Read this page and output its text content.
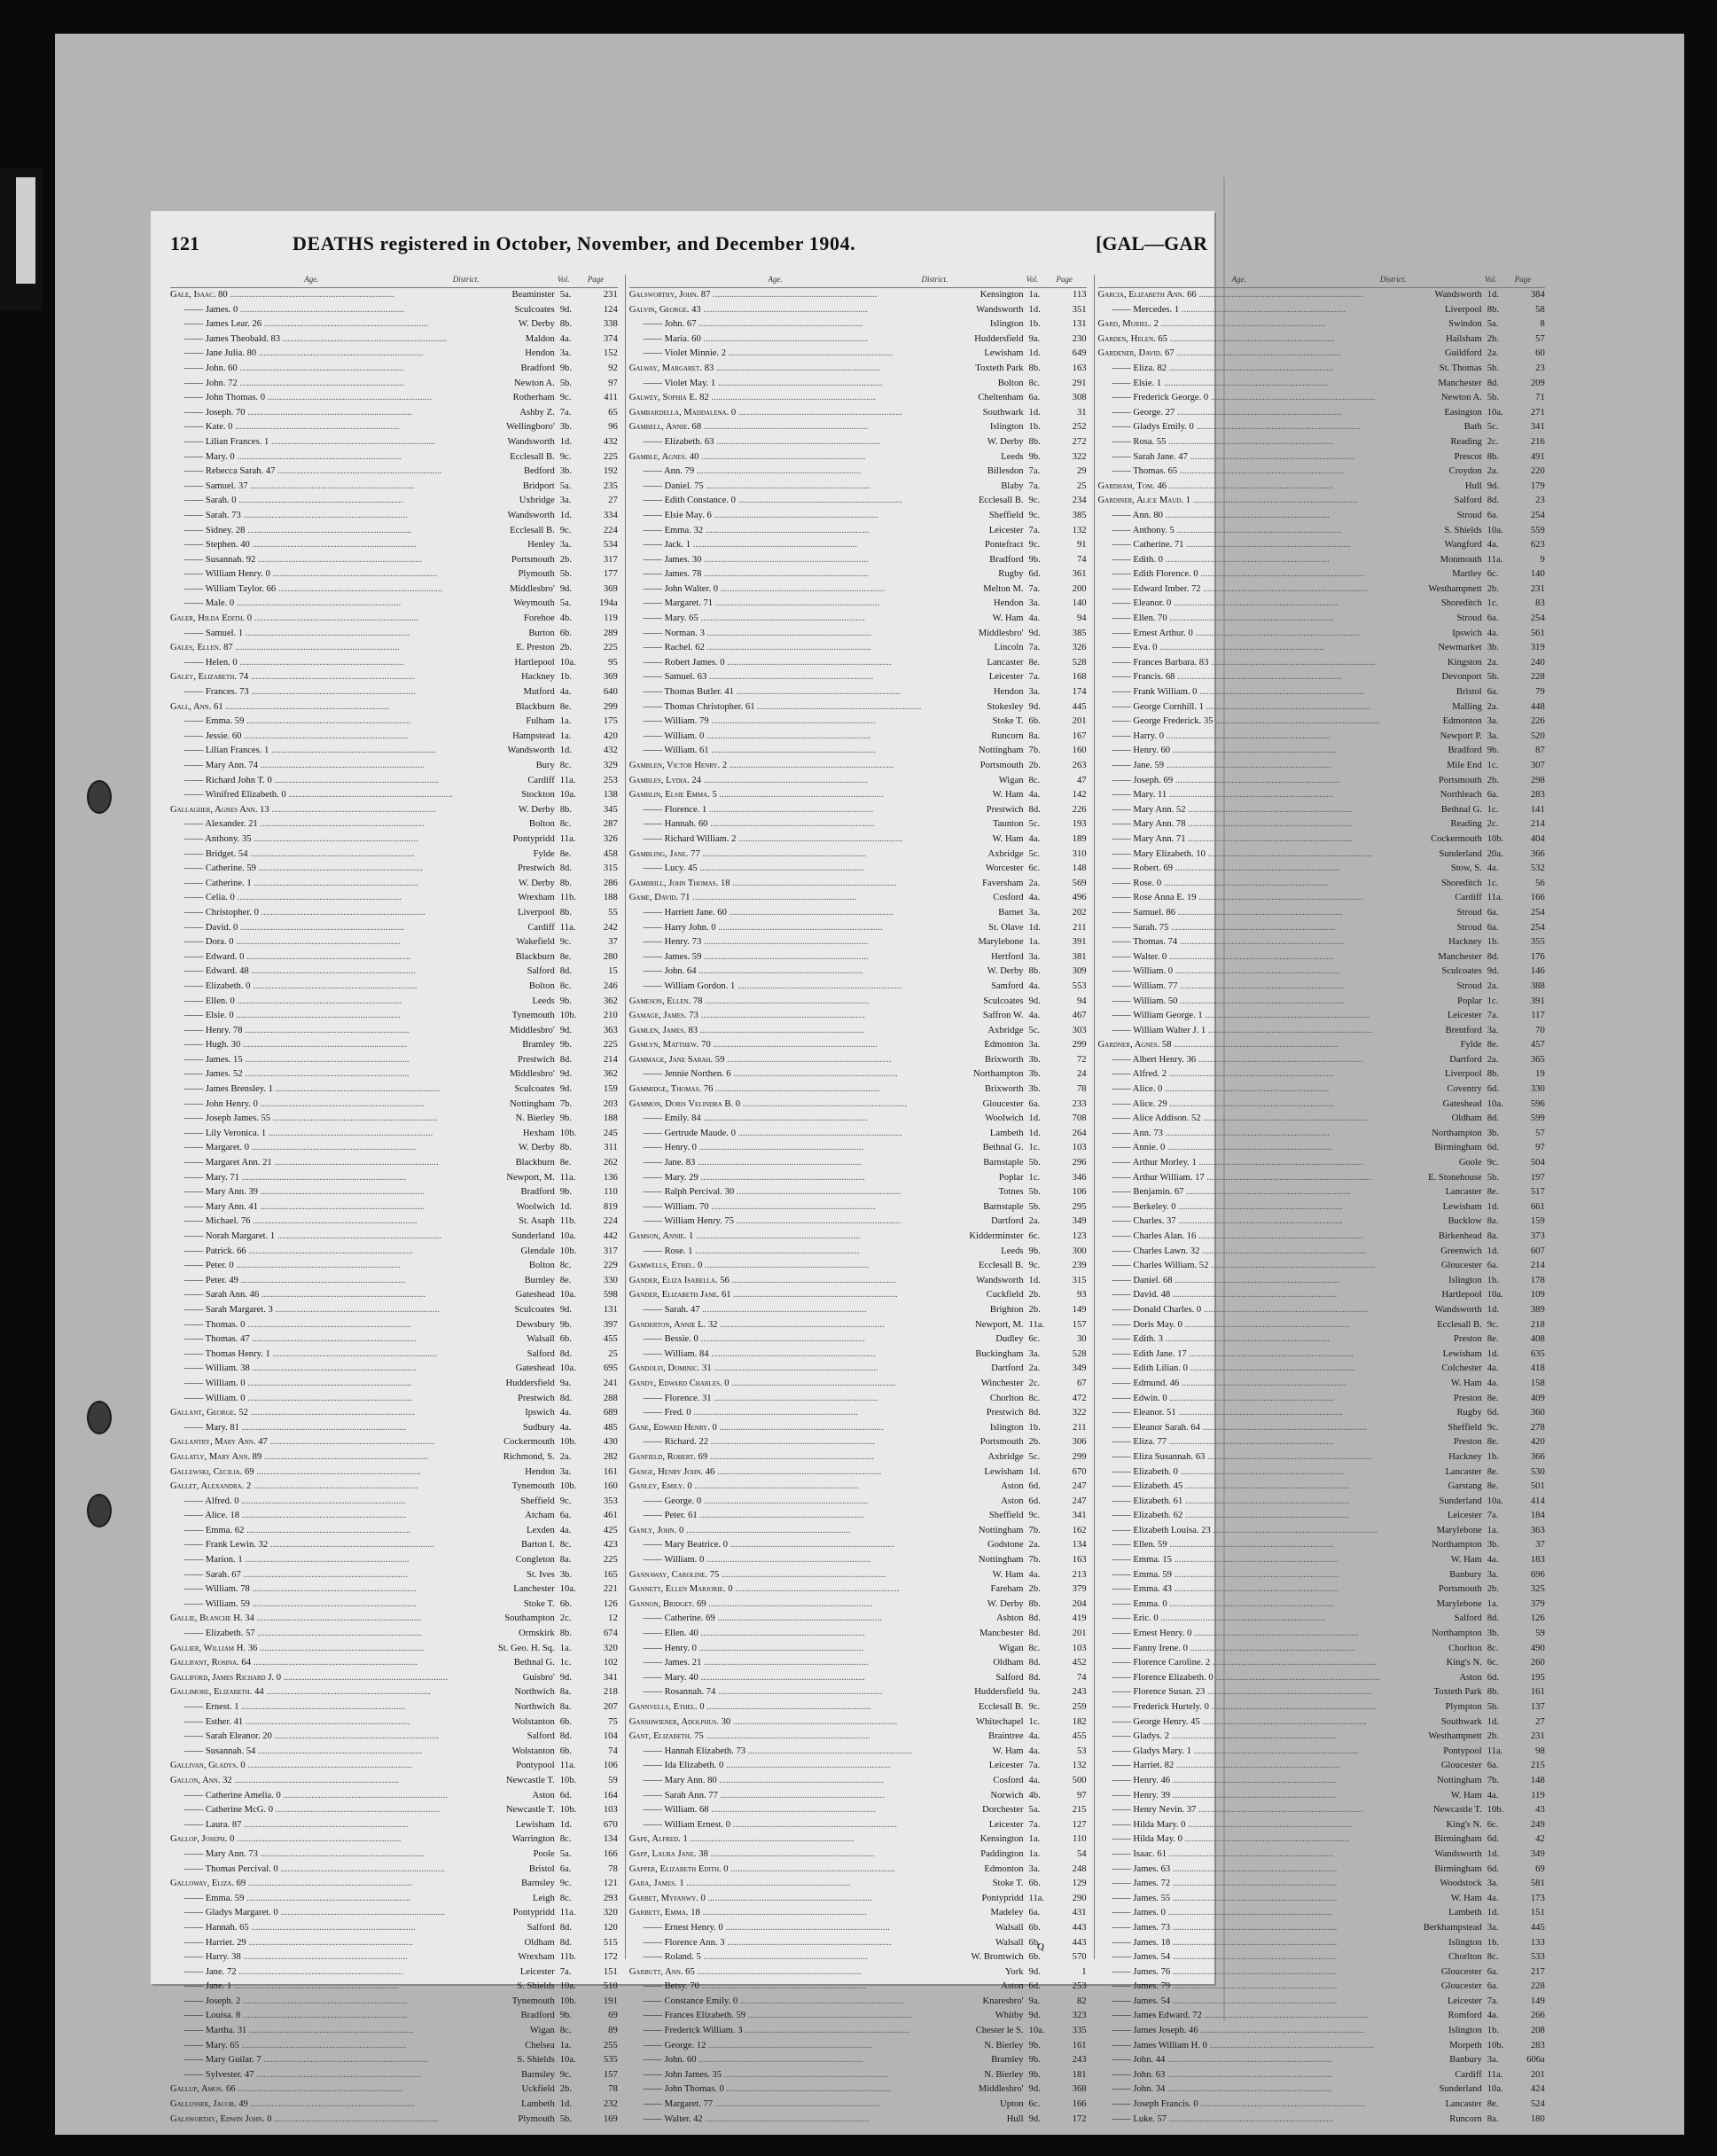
121	DEATHS registered in October, November, and December 1904.	[GAL—GAR
Age.	District.	Vol.	Page
Gale, Isaac. 80 .....	Beaminster 5a.	231
—— James. 0 .....	Sculcoates 9d.	124
—— James Lear. 26 .....	W. Derby 8b.	338
—— James Theobald. 83 .....	Maldon 4a.	374
—— Jane Julia. 80 .....	Hendon 3a.	152
—— John. 60 .....	Bradford 9b.	92
—— John. 72 .....	Newton A. 5b.	97
—— John Thomas. 0 .....	Rotherham 9c.	411
—— Joseph. 70 .....	Ashby Z. 7a.	65
—— Kate. 0 .....	Wellingboro' 3b.	96
—— Lilian Frances. 1 .....	Wandsworth 1d.	432
—— Mary. 0 .....	Ecclesall B. 9c.	225
—— Rebecca Sarah. 47 .....	Bedford 3b.	192
—— Samuel. 37 .....	Bridport 5a.	235
—— Sarah. 0 .....	Uxbridge 3a.	27
—— Sarah. 73 .....	Wandsworth 1d.	334
—— Sidney. 28 .....	Ecclesall B. 9c.	224
—— Stephen. 40 .....	Henley 3a.	534
—— Susannah. 92 .....	Portsmouth 2b.	317
—— William Henry. 0 .....	Plymouth 5b.	177
—— William Taylor. 66 .....	Middlesbro' 9d.	369
—— Male. 0 .....	Weymouth 5a.	194a
Galer, Hilda Edith. 0 .....	Forehoe 4b.	119
—— Samuel. 1 .....	Burton 6b.	289
Gales, Ellen. 87 .....	E. Preston 2b.	225
—— Helen. 0 .....	Hartlepool 10a.	95
Galey, Elizabeth. 74 .....	Hackney 1b.	369
—— Frances. 73 .....	Mutford 4a.	640
Gall, Ann. 61 .....	Blackburn 8e.	299
—— Emma. 59 .....	Fulham 1a.	175
—— Jessie. 60 .....	Hampstead 1a.	420
—— Lilian Frances. 1 .....	Wandsworth 1d.	432
—— Mary Ann. 74 .....	Bury 8c.	329
—— Richard John T. 0 .....	Cardiff 11a.	253
—— Winifred Elizabeth. 0 .....	Stockton 10a.	138
Gallagher, Agnes Ann. 13 .....	W. Derby 8b.	345
—— Alexander. 21 .....	Bolton 8c.	287
—— Anthony. 35 .....	Pontypridd 11a.	326
—— Bridget. 54 .....	Fylde 8e.	458
—— Catherine. 59 .....	Prestwich 8d.	315
—— Catherine. 1 .....	W. Derby 8b.	286
—— Celia. 0 .....	Wrexham 11b.	188
—— Christopher. 0 .....	Liverpool 8b.	55
—— David. 0 .....	Cardiff 11a.	242
—— Dora. 0 .....	Wakefield 9c.	37
—— Edward. 0 .....	Blackburn 8e.	280
—— Edward. 48 .....	Salford 8d.	15
—— Elizabeth. 0 .....	Bolton 8c.	246
—— Ellen. 0 .....	Leeds 9b.	362
—— Elsie. 0 .....	Tynemouth 10b.	210
—— Henry. 78 .....	Middlesbro' 9d.	363
—— Hugh. 30 .....	Bramley 9b.	225
—— James. 15 .....	Prestwich 8d.	214
—— James. 52 .....	Middlesbro' 9d.	362
—— James Brensley. 1 .....	Sculcoates 9d.	159
—— John Henry. 0 .....	Nottingham 7b.	203
—— Joseph James. 55 .....	N. Bierley 9b.	188
—— Lily Veronica. 1 .....	Hexham 10b.	245
—— Margaret. 0 .....	W. Derby 8b.	311
—— Margaret Ann. 21 .....	Blackburn 8e.	262
—— Mary. 71 .....	Newport, M. 11a.	136
—— Mary Ann. 39 .....	Bradford 9b.	110
—— Mary Ann. 41 .....	Woolwich 1d.	819
—— Michael. 76 .....	St. Asaph 11b.	224
—— Norah Margaret. 1 .....	Sunderland 10a.	442
—— Patrick. 66 .....	Glendale 10b.	317
—— Peter. 0 .....	Bolton 8c.	229
—— Peter. 49 .....	Burnley 8e.	330
—— Sarah Ann. 46 .....	Gateshead 10a.	598
—— Sarah Margaret. 3 .....	Sculcoates 9d.	131
—— Thomas. 0 .....	Dewsbury 9b.	397
—— Thomas. 47 .....	Walsall 6b.	455
—— Thomas Henry. 1 .....	Salford 8d.	25
—— William. 38 .....	Gateshead 10a.	695
—— William. 0 .....	Huddersfield 9a.	241
—— William. 0 .....	Prestwich 8d.	288
Gallant, George. 52 .....	Ipswich 4a.	689
—— Mary. 81 .....	Sudbury 4a.	485
Gallantry, Mary Ann. 47 .....	Cockermouth 10b.	430
Gallatly, Mary Ann. 89 .....	Richmond, S. 2a.	282
Gallewski, Cecilia. 69 .....	Hendon 3a.	161
Gallet, Alexandra. 2 .....	Tynemouth 10b.	160
—— Alfred. 0 .....	Sheffield 9c.	353
—— Alice. 18 .....	Atcham 6a.	461
—— Emma. 62 .....	Lexden 4a.	425
—— Frank Lewin. 32 .....	Barton I. 8c.	423
—— Marion. 1 .....	Congleton 8a.	225
—— Sarah. 67 .....	St. Ives 3b.	165
—— William. 78 .....	Lanchester 10a.	221
—— William. 59 .....	Stoke T. 6b.	126
Gallie, Blanche H. 34 .....	Southampton 2c.	12
—— Elizabeth. 57 .....	Ormskirk 8b.	674
Gallier, William H. 36 .....	St. Geo. H. Sq. 1a.	320
Gallifant, Rosina. 64 .....	Bethnal G. 1c.	102
Galliford, James Richard J. 0 .....	Guisbro' 9d.	341
Gallimore, Elizabeth. 44 .....	Northwich 8a.	218
—— Ernest. 1 .....	Northwich 8a.	207
—— Esther. 41 .....	Wolstanton 6b.	75
—— Sarah Eleanor. 20 .....	Salford 8d.	104
—— Susannah. 54 .....	Wolstanton 6b.	74
Gallivan, Gladys. 0 .....	Pontypool 11a.	106
Gallon, Ann. 32 .....	Newcastle T. 10b.	59
—— Catherine Amelia. 0 .....	Aston 6d.	164
—— Catherine McG. 0 .....	Newcastle T. 10b.	103
—— Laura. 87 .....	Lewisham 1d.	670
Gallop, Joseph. 0 .....	Warrington 8c.	134
—— Mary Ann. 73 .....	Poole 5a.	166
—— Thomas Percival. 0 .....	Bristol 6a.	78
Galloway, Eliza. 69 .....	Barnsley 9c.	121
—— Emma. 59 .....	Leigh 8c.	293
—— Gladys Margaret. 0 .....	Pontypridd 11a.	320
—— Hannah. 65 .....	Salford 8d.	120
—— Harriet. 29 .....	Oldham 8d.	515
—— Harry. 38 .....	Wrexham 11b.	172
—— Jane. 72 .....	Leicester 7a.	151
—— Jane. 1 .....	S. Shields 10a.	510
—— Joseph. 2 .....	Tynemouth 10b.	191
—— Louisa. 8 .....	Bradford 9b.	69
—— Martha. 31 .....	Wigan 8c.	89
—— Mary. 65 .....	Chelsea 1a.	255
—— Mary Guilar. 7 .....	S. Shields 10a.	535
—— Sylvester. 47 .....	Barnsley 9c.	157
Gallup, Amos. 66 .....	Uckfield 2b.	78
Gallusser, Jacob. 49 .....	Lambeth 1d.	232
Galsworthy, Edwin John. 0 .....	Plymouth 5b.	169
Age.	District.	Vol.	Page
Galsworthy, John. 87 .....	Kensington 1a.	113
Galvin, George. 43 .....	Wandsworth 1d.	351
—— John. 67 .....	Islington 1b.	131
—— Maria. 60 .....	Huddersfield 9a.	230
—— Violet Minnie. 2 .....	Lewisham 1d.	649
Galway, Margaret. 83 .....	Toxteth Park 8b.	163
—— Violet May. 1 .....	Bolton 8c.	291
Galwey, Sophia E. 82 .....	Cheltenham 6a.	308
Gambardella, Maddalena. 0 .....	Southwark 1d.	31
Gambell, Annie. 68 .....	Islington 1b.	252
—— Elizabeth. 63 .....	W. Derby 8b.	272
Gamble, Agnes. 40 .....	Leeds 9b.	322
—— Ann. 79 .....	Billesdon 7a.	29
—— Daniel. 75 .....	Blaby 7a.	25
—— Edith Constance. 0 .....	Ecclesall B. 9c.	234
—— Elsie May. 6 .....	Sheffield 9c.	385
—— Emma. 32 .....	Leicester 7a.	132
—— Jack. 1 .....	Pontefract 9c.	91
—— James. 30 .....	Bradford 9b.	74
—— James. 78 .....	Rugby 6d.	361
—— John Walter. 0 .....	Melton M. 7a.	200
—— Margaret. 71 .....	Hendon 3a.	140
—— Mary. 65 .....	W. Ham 4a.	94
—— Norman. 3 .....	Middlesbro' 9d.	385
—— Rachel. 62 .....	Lincoln 7a.	326
—— Robert James. 0 .....	Lancaster 8e.	528
—— Samuel. 63 .....	Leicester 7a.	168
—— Thomas Butler. 41 .....	Hendon 3a.	174
—— Thomas Christopher. 61 .....	Stokesley 9d.	445
—— William. 79 .....	Stoke T. 6b.	201
—— William. 0 .....	Runcorn 8a.	167
—— William. 61 .....	Nottingham 7b.	160
Gamblen, Victor Henry. 2 .....	Portsmouth 2b.	263
Gambles, Lydia. 24 .....	Wigan 8c.	47
Gamblin, Elsie Emma. 5 .....	W. Ham 4a.	142
—— Florence. 1 .....	Prestwich 8d.	226
—— Hannah. 60 .....	Taunton 5c.	193
—— Richard William. 2 .....	W. Ham 4a.	189
Gambling, Jane. 77 .....	Axbridge 5c.	310
—— Lucy. 45 .....	Worcester 6c.	148
Gambrill, John Thomas. 18 .....	Faversham 2a.	569
Game, David. 71 .....	Cosford 4a.	496
—— Harriett Jane. 60 .....	Barnet 3a.	202
—— Harry John. 0 .....	St. Olave 1d.	211
—— Henry. 73 .....	Marylebone 1a.	391
—— James. 59 .....	Hertford 3a.	381
—— John. 64 .....	W. Derby 8b.	309
—— William Gordon. 1 .....	Samford 4a.	553
Gameson, Ellen. 78 .....	Sculcoates 9d.	94
Gamage, James. 73 .....	Saffron W. 4a.	467
Gamlen, James. 83 .....	Axbridge 5c.	303
Gamlyn, Matthew. 70 .....	Edmonton 3a.	299
Gammage, Jane Sarah. 59 .....	Brixworth 3b.	72
—— Jennie Northen. 6 .....	Northampton 3b.	24
Gammidge, Thomas. 76 .....	Brixworth 3b.	78
Gammon, Doris Velindra B. 0 .....	Gloucester 6a.	233
—— Emily. 84 .....	Woolwich 1d.	708
—— Gertrude Maude. 0 .....	Lambeth 1d.	264
—— Henry. 0 .....	Bethnal G. 1c.	103
—— Jane. 83 .....	Barnstaple 5b.	296
—— Mary. 29 .....	Poplar 1c.	346
—— Ralph Percival. 30 .....	Totnes 5b.	106
—— William. 70 .....	Barnstaple 5b.	295
—— William Henry. 75 .....	Dartford 2a.	349
Gamson, Annie. 1 .....	Kidderminster 6c.	123
—— Rose. 1 .....	Leeds 9b.	300
Gamwells, Ethel. 0 .....	Ecclesall B. 9c.	239
Gander, Eliza Isabella. 56 .....	Wandsworth 1d.	315
Gander, Elizabeth Jane. 61 .....	Cuckfield 2b.	93
—— Sarah. 47 .....	Brighton 2b.	149
Ganderton, Annie L. 32 .....	Newport, M. 11a.	157
—— Bessie. 0 .....	Dudley 6c.	30
—— William. 84 .....	Buckingham 3a.	528
Gandolfi, Dominic. 31 .....	Dartford 2a.	349
Gandy, Edward Charles. 0 .....	Winchester 2c.	67
—— Florence. 31 .....	Chorlton 8c.	472
—— Fred. 0 .....	Prestwich 8d.	322
Gane, Edward Henry. 0 .....	Islington 1b.	211
—— Richard. 22 .....	Portsmouth 2b.	306
Ganfield, Robert. 69 .....	Axbridge 5c.	299
Gange, Henry John. 46 .....	Lewisham 1d.	670
Ganley, Emily. 0 .....	Aston 6d.	247
—— George. 0 .....	Aston 6d.	247
—— Peter. 61 .....	Sheffield 9c.	341
Ganly, John. 0 .....	Nottingham 7b.	162
—— Mary Beatrice. 0 .....	Godstone 2a.	134
—— William. 0 .....	Nottingham 7b.	163
Gannaway, Caroline. 75 .....	W. Ham 4a.	213
Gannett, Ellen Marjorie. 0 .....	Fareham 2b.	379
Gannon, Bridget. 69 .....	W. Derby 8b.	204
—— Catherine. 69 .....	Ashton 8d.	419
—— Ellen. 40 .....	Manchester 8d.	201
—— Henry. 0 .....	Wigan 8c.	103
—— James. 21 .....	Oldham 8d.	452
—— Mary. 40 .....	Salford 8d.	74
—— Rosannah. 74 .....	Huddersfield 9a.	243
Gannvells, Ethel. 0 .....	Ecclesall B. 9c.	259
Ganshwiener, Adolphus. 30 .....	Whitechapel 1c.	182
Gant, Elizabeth. 75 .....	Braintree 4a.	455
—— Hannah Elizabeth. 73 .....	W. Ham 4a.	53
—— Ida Elizabeth. 0 .....	Leicester 7a.	132
—— Mary Ann. 80 .....	Cosford 4a.	500
—— Sarah Ann. 77 .....	Norwich 4b.	97
—— William. 68 .....	Dorchester 5a.	215
—— William Ernest. 0 .....	Leicester 7a.	127
Gape, Alfred. 1 .....	Kensington 1a.	110
Gapp, Laura Jane. 38 .....	Paddington 1a.	54
Gapper, Elizabeth Edith. 0 .....	Edmonton 3a.	248
Gara, James. 1 .....	Stoke T. 6b.	129
Garbet, Myfanwy. 0 .....	Pontypridd 11a.	290
Garbett, Emma. 18 .....	Madeley 6a.	431
—— Ernest Henry. 0 .....	Walsall 6b.	443
—— Florence Ann. 3 .....	Walsall 6b.	443
—— Roland. 5 .....	W. Bromwich 6b.	570
Garbutt, Ann. 65 .....	York 9d.	1
—— Betsy. 70 .....	Aston 6d.	253
—— Constance Emily. 0 .....	Knaresbro' 9a.	82
—— Frances Elizabeth. 59 .....	Whitby 9d.	323
—— Frederick William. 3 .....	Chester le S. 10a.	335
—— George. 12 .....	N. Bierley 9b.	161
—— John. 60 .....	Bramley 9b.	243
—— John James. 35 .....	N. Bierley 9b.	181
—— John Thomas. 0 .....	Middlesbro' 9d.	368
—— Margaret. 77 .....	Upton 6c.	166
—— Walter. 42 .....	Hull 9d.	172
Age.	District.	Vol.	Page
Garcia, Elizabeth Ann. 66 .....	Wandsworth 1d.	384
—— Mercedes. 1 .....	Liverpool 8b.	58
Gard, Muriel. 2 .....	Swindon 5a.	8
Garden, Helen. 65 .....	Hailsham 2b.	57
Gardener, David. 67 .....	Guildford 2a.	60
—— Eliza. 82 .....	St. Thomas 5b.	23
—— Elsie. 1 .....	Manchester 8d.	209
—— Frederick George. 0 .....	Newton A. 5b.	71
—— George. 27 .....	Easington 10a.	271
—— Gladys Emily. 0 .....	Bath 5c.	341
—— Rosa. 55 .....	Reading 2c.	216
—— Sarah Jane. 47 .....	Prescot 8b.	491
—— Thomas. 65 .....	Croydon 2a.	220
Gardham, Tom. 46 .....	Hull 9d.	179
Gardiner, Alice Maud. 1 .....	Salford 8d.	23
—— Ann. 80 .....	Stroud 6a.	254
—— Anthony. 5 .....	S. Shields 10a.	559
—— Catherine. 71 .....	Wangford 4a.	623
—— Edith. 0 .....	Monmouth 11a.	9
—— Edith Florence. 0 .....	Martley 6c.	140
—— Edward Imber. 72 .....	Westhampnett 2b.	231
—— Eleanor. 0 .....	Shoreditch 1c.	83
—— Ellen. 70 .....	Stroud 6a.	254
—— Ernest Arthur. 0 .....	Ipswich 4a.	561
—— Eva. 0 .....	Newmarket 3b.	319
—— Frances Barbara. 83 .....	Kingston 2a.	240
—— Francis. 68 .....	Devonport 5b.	228
—— Frank William. 0 .....	Bristol 6a.	79
—— George Cornhill. 1 .....	Malling 2a.	448
—— George Frederick. 35 .....	Edmonton 3a.	226
—— Harry. 0 .....	Newport P. 3a.	520
—— Henry. 60 .....	Bradford 9b.	87
—— Jane. 59 .....	Mile End 1c.	307
—— Joseph. 69 .....	Portsmouth 2b.	298
—— Mary. 11 .....	Northleach 6a.	283
—— Mary Ann. 52 .....	Bethnal G. 1c.	141
—— Mary Ann. 78 .....	Reading 2c.	214
—— Mary Ann. 71 .....	Cockermouth 10b.	404
—— Mary Elizabeth. 10 .....	Sunderland 20a.	366
—— Robert. 69 .....	Stow, S. 4a.	532
—— Rose. 0 .....	Shoreditch 1c.	56
—— Rose Anna E. 19 .....	Cardiff 11a.	166
—— Samuel. 86 .....	Stroud 6a.	254
—— Sarah. 75 .....	Stroud 6a.	254
—— Thomas. 74 .....	Hackney 1b.	355
—— Walter. 0 .....	Manchester 8d.	176
—— William. 0 .....	Sculcoates 9d.	146
—— William. 77 .....	Stroud 2a.	388
—— William. 50 .....	Poplar 1c.	391
—— William George. 1 .....	Leicester 7a.	117
—— William Walter J. 1 .....	Brentford 3a.	70
Gardner, Agnes. 58 .....	Fylde 8e.	457
—— Albert Henry. 36 .....	Dartford 2a.	365
—— Alfred. 2 .....	Liverpool 8b.	19
—— Alice. 0 .....	Coventry 6d.	330
—— Alice. 29 .....	Gateshead 10a.	596
—— Alice Addison. 52 .....	Oldham 8d.	599
—— Ann. 73 .....	Northampton 3b.	57
—— Annie. 0 .....	Birmingham 6d.	97
—— Arthur Morley. 1 .....	Goole 9c.	504
—— Arthur William. 17 .....	E. Stonehouse 5b.	197
—— Benjamin. 67 .....	Lancaster 8e.	517
—— Berkeley. 0 .....	Lewisham 1d.	661
—— Charles. 37 .....	Bucklow 8a.	159
—— Charles Alan. 16 .....	Birkenhead 8a.	373
—— Charles Lawn. 32 .....	Greenwich 1d.	607
—— Charles William. 52 .....	Gloucester 6a.	214
—— Daniel. 68 .....	Islington 1b.	178
—— David. 48 .....	Hartlepool 10a.	109
—— Donald Charles. 0 .....	Wandsworth 1d.	389
—— Doris May. 0 .....	Ecclesall B. 9c.	218
—— Edith. 3 .....	Preston 8e.	408
—— Edith Jane. 17 .....	Lewisham 1d.	635
—— Edith Lilian. 0 .....	Colchester 4a.	418
—— Edmund. 46 .....	W. Ham 4a.	158
—— Edwin. 0 .....	Preston 8e.	409
—— Eleanor. 51 .....	Rugby 6d.	360
—— Eleanor Sarah. 64 .....	Sheffield 9c.	278
—— Eliza. 77 .....	Preston 8e.	420
—— Eliza Susannah. 63 .....	Hackney 1b.	366
—— Elizabeth. 0 .....	Lancaster 8e.	530
—— Elizabeth. 45 .....	Garstang 8e.	501
—— Elizabeth. 61 .....	Sunderland 10a.	414
—— Elizabeth. 62 .....	Leicester 7a.	184
—— Elizabeth Louisa. 23 .....	Marylebone 1a.	363
—— Ellen. 59 .....	Northampton 3b.	37
—— Emma. 15 .....	W. Ham 4a.	183
—— Emma. 59 .....	Banbury 3a.	696
—— Emma. 43 .....	Portsmouth 2b.	325
—— Emma. 0 .....	Marylebone 1a.	379
—— Eric. 0 .....	Salford 8d.	126
—— Ernest Henry. 0 .....	Northampton 3b.	59
—— Fanny Irene. 0 .....	Chorlton 8c.	490
—— Florence Caroline. 2 .....	King's N. 6c.	260
—— Florence Elizabeth. 0 .....	Aston 6d.	195
—— Florence Susan. 23 .....	Toxteth Park 8b.	161
—— Frederick Hurtely. 0 .....	Plympton 5b.	137
—— George Henry. 45 .....	Southwark 1d.	27
—— Gladys. 2 .....	Westhampnett 2b.	231
—— Gladys Mary. 1 .....	Pontypool 11a.	98
—— Harriet. 82 .....	Gloucester 6a.	215
—— Henry. 46 .....	Nottingham 7b.	148
—— Henry. 39 .....	W. Ham 4a.	119
—— Henry Nevin. 37 .....	Newcastle T. 10b.	43
—— Hilda Mary. 0 .....	King's N. 6c.	249
—— Hilda May. 0 .....	Birmingham 6d.	42
—— Isaac. 61 .....	Wandsworth 1d.	349
—— James. 63 .....	Birmingham 6d.	69
—— James. 72 .....	Woodstock 3a.	581
—— James. 55 .....	W. Ham 4a.	173
—— James. 0 .....	Lambeth 1d.	151
—— James. 73 .....	Berkhampstead 3a.	445
—— James. 18 .....	Islington 1b.	133
—— James. 54 .....	Chorlton 8c.	533
—— James. 76 .....	Gloucester 6a.	217
—— James. 79 .....	Gloucester 6a.	228
—— James. 54 .....	Leicester 7a.	149
—— James Edward. 72 .....	Romford 4a.	266
—— James Joseph. 46 .....	Islington 1b.	208
—— James William H. 0 .....	Morpeth 10b.	283
—— John. 44 .....	Banbury 3a.	606a
—— John. 63 .....	Cardiff 11a.	201
—— John. 34 .....	Sunderland 10a.	424
—— Joseph Francis. 0 .....	Lancaster 8e.	524
—— Luke. 57 .....	Runcorn 8a.	180
Q
